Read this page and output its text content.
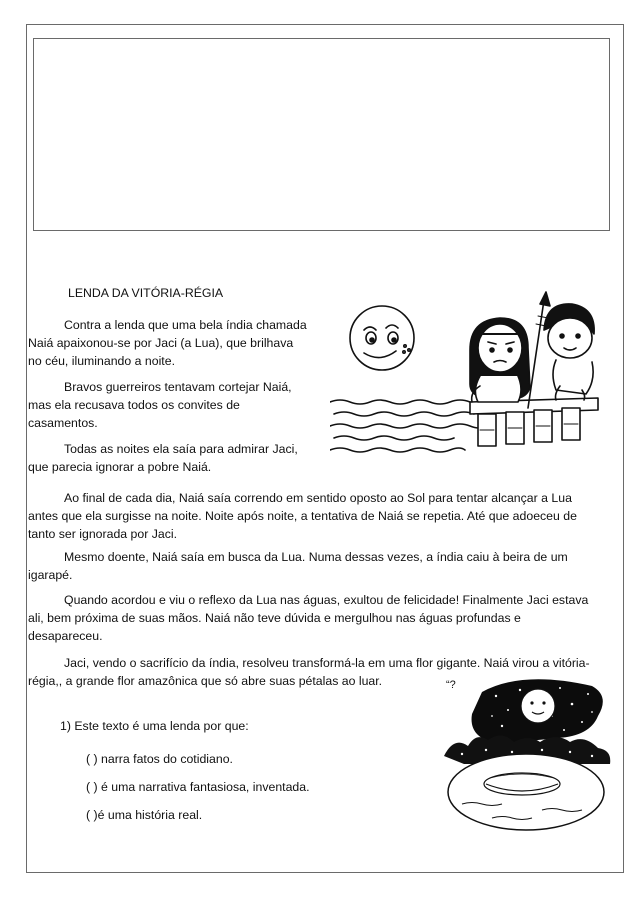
LENDA DA VITÓRIA-RÉGIA
Contra a lenda que uma bela índia chamada
Naiá apaixonou-se por Jaci (a Lua), que brilhava
no céu, iluminando a noite.
Bravos guerreiros tentavam cortejar Naiá,
mas ela recusava todos os convites de
casamentos.
Todas as noites ela saía para admirar Jaci,
que parecia ignorar a pobre Naiá.
Ao final de cada dia, Naiá saía correndo em sentido oposto ao Sol para tentar alcançar a Lua
antes que ela surgisse na noite. Noite após noite, a tentativa de Naiá se repetia. Até que adoeceu de
tanto ser ignorada por Jaci.
Mesmo doente, Naiá saía em busca da Lua. Numa dessas vezes, a índia caiu à beira de um
igarapé.
Quando acordou e viu o reflexo da Lua nas águas, exultou de felicidade! Finalmente Jaci estava
ali, bem próxima de suas mãos. Naiá não teve dúvida e mergulhou nas águas profundas e
desapareceu.
Jaci, vendo o sacrifício da índia, resolveu transformá-la em uma flor gigante. Naiá virou a vitória-
régia,, a grande flor amazônica que só abre suas pétalas ao luar.
1) Este texto é uma lenda por que:
( ) narra fatos do cotidiano.
( ) é uma narrativa fantasiosa, inventada.
( )é uma história real.
“?
